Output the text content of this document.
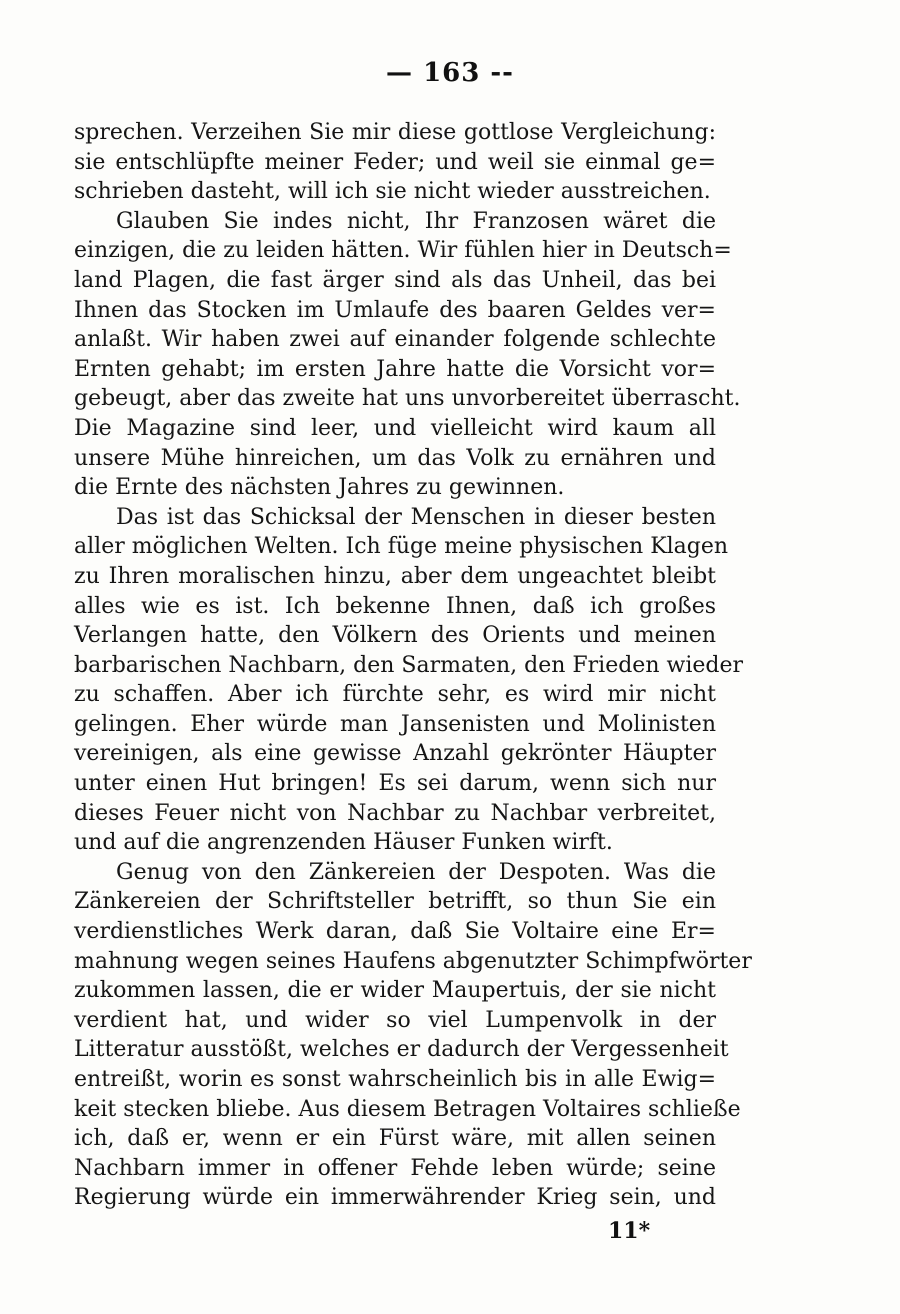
— 163 --
sprechen. Verzeihen Sie mir diese gottlose Vergleichung:
sie entschlüpfte meiner Feder; und weil sie einmal ge=
schrieben dasteht, will ich sie nicht wieder ausstreichen.
Glauben Sie indes nicht, Ihr Franzosen wäret die
einzigen, die zu leiden hätten. Wir fühlen hier in Deutsch=
land Plagen, die fast ärger sind als das Unheil, das bei
Ihnen das Stocken im Umlaufe des baaren Geldes ver=
anlaßt. Wir haben zwei auf einander folgende schlechte
Ernten gehabt; im ersten Jahre hatte die Vorsicht vor=
gebeugt, aber das zweite hat uns unvorbereitet überrascht.
Die Magazine sind leer, und vielleicht wird kaum all
unsere Mühe hinreichen, um das Volk zu ernähren und
die Ernte des nächsten Jahres zu gewinnen.
Das ist das Schicksal der Menschen in dieser besten
aller möglichen Welten. Ich füge meine physischen Klagen
zu Ihren moralischen hinzu, aber dem ungeachtet bleibt
alles wie es ist. Ich bekenne Ihnen, daß ich großes
Verlangen hatte, den Völkern des Orients und meinen
barbarischen Nachbarn, den Sarmaten, den Frieden wieder
zu schaffen. Aber ich fürchte sehr, es wird mir nicht
gelingen. Eher würde man Jansenisten und Molinisten
vereinigen, als eine gewisse Anzahl gekrönter Häupter
unter einen Hut bringen! Es sei darum, wenn sich nur
dieses Feuer nicht von Nachbar zu Nachbar verbreitet,
und auf die angrenzenden Häuser Funken wirft.
Genug von den Zänkereien der Despoten. Was die
Zänkereien der Schriftsteller betrifft, so thun Sie ein
verdienstliches Werk daran, daß Sie Voltaire eine Er=
mahnung wegen seines Haufens abgenutzter Schimpfwörter
zukommen lassen, die er wider Maupertuis, der sie nicht
verdient hat, und wider so viel Lumpenvolk in der
Litteratur ausstößt, welches er dadurch der Vergessenheit
entreißt, worin es sonst wahrscheinlich bis in alle Ewig=
keit stecken bliebe. Aus diesem Betragen Voltaires schließe
ich, daß er, wenn er ein Fürst wäre, mit allen seinen
Nachbarn immer in offener Fehde leben würde; seine
Regierung würde ein immerwährender Krieg sein, und
11*
